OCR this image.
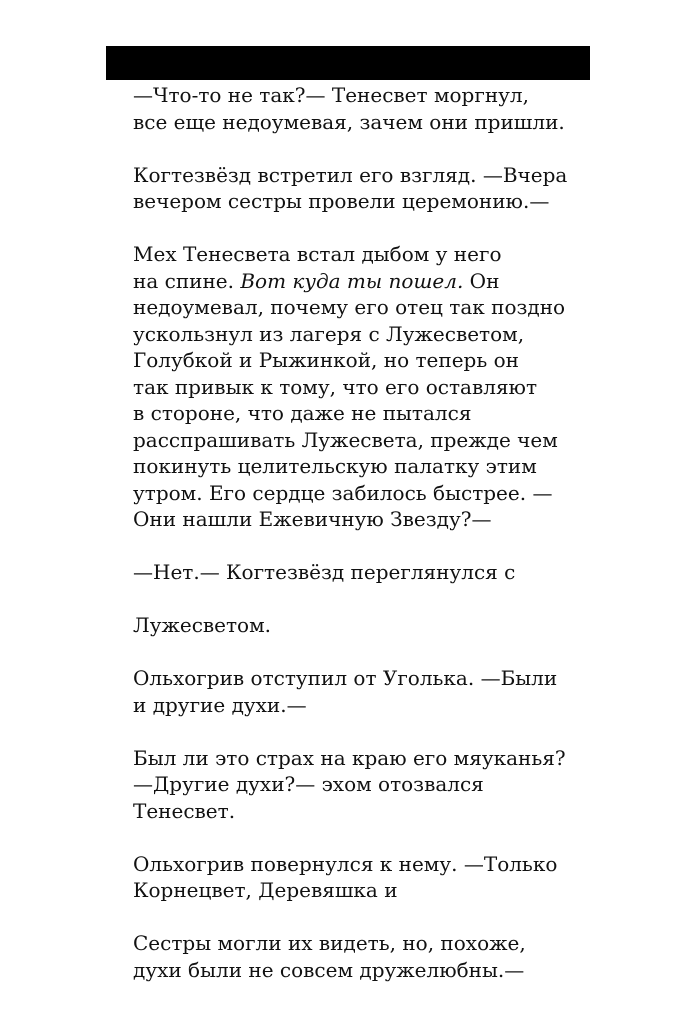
—Что-то не так?— Тенесвет моргнул,
все еще недоумевая, зачем они пришли.

Когтезвёзд встретил его взгляд. —Вчера
вечером сестры провели церемонию.—

Мех Тенесвета встал дыбом у него
на спине. Вот куда ты пошел. Он
недоумевал, почему его отец так поздно
ускользнул из лагеря с Лужесветом,
Голубкой и Рыжинкой, но теперь он
так привык к тому, что его оставляют
в стороне, что даже не пытался
расспрашивать Лужесвета, прежде чем
покинуть целительскую палатку этим
утром. Его сердце забилось быстрее. —
Они нашли Ежевичную Звезду?—

—Нет.— Когтезвёзд переглянулся с

Лужесветом.

Ольхогрив отступил от Уголька. —Были
и другие духи.—

Был ли это страх на краю его мяуканья?
—Другие духи?— эхом отозвался
Тенесвет.

Ольхогрив повернулся к нему. —Только
Корнецвет, Деревяшка и

Сестры могли их видеть, но, похоже,
духи были не совсем дружелюбны.—
